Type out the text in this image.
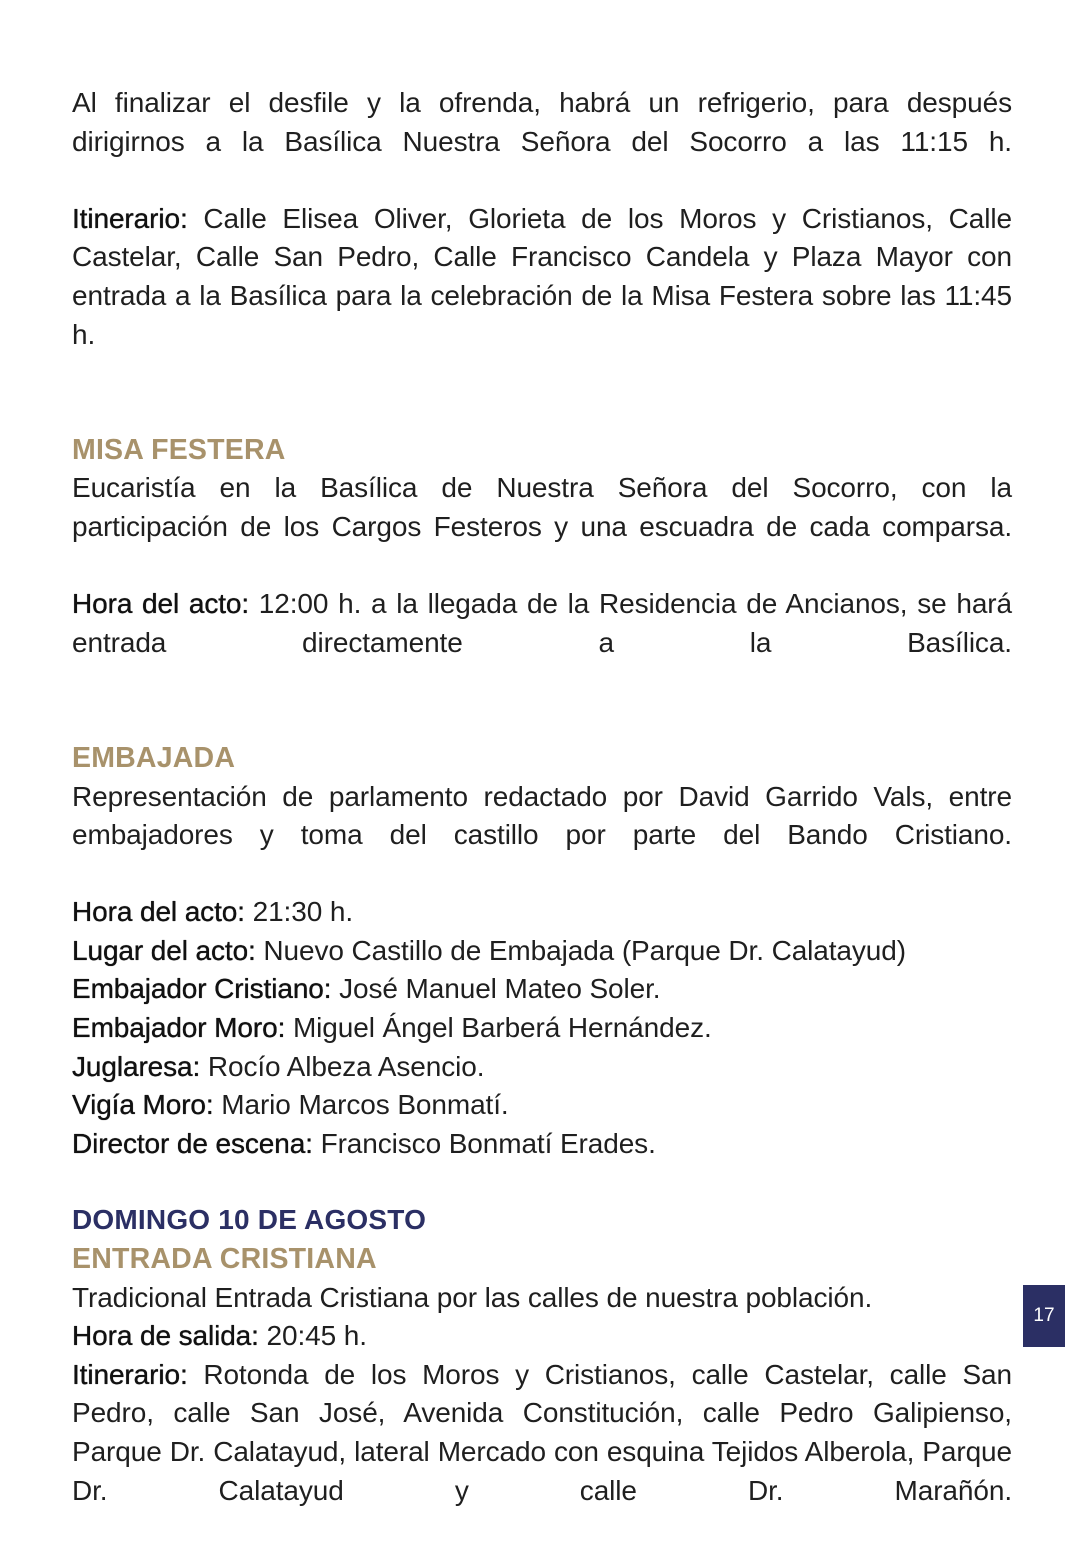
Al finalizar el desfile y la ofrenda, habrá un refrigerio, para después dirigirnos a la Basílica Nuestra Señora del Socorro a las 11:15 h.

Itinerario: Calle Elisea Oliver, Glorieta de los Moros y Cristianos, Calle Castelar, Calle San Pedro, Calle Francisco Candela y Plaza Mayor con entrada a la Basílica para la celebración de la Misa Festera sobre las 11:45 h.

MISA FESTERA

Eucaristía en la Basílica de Nuestra Señora del Socorro, con la participación de los Cargos Festeros y una escuadra de cada comparsa.

Hora del acto: 12:00 h. a la llegada de la Residencia de Ancianos, se hará entrada directamente a la Basílica.

EMBAJADA

Representación de parlamento redactado por David Garrido Vals, entre embajadores y toma del castillo por parte del Bando Cristiano.

Hora del acto: 21:30 h.

Lugar del acto: Nuevo Castillo de Embajada (Parque Dr. Calatayud)

Embajador Cristiano: José Manuel Mateo Soler.

Embajador Moro: Miguel Ángel Barberá Hernández.

Juglaresa: Rocío Albeza Asencio.

Vigía Moro: Mario Marcos Bonmatí.

Director de escena: Francisco Bonmatí Erades.

DOMINGO 10 DE AGOSTO
ENTRADA CRISTIANA

Tradicional Entrada Cristiana por las calles de nuestra población.

Hora de salida: 20:45 h.

Itinerario: Rotonda de los Moros y Cristianos, calle Castelar, calle San Pedro, calle San José, Avenida Constitución, calle Pedro Galipienso, Parque Dr. Calatayud, lateral Mercado con esquina Tejidos Alberola, Parque Dr. Calatayud y calle Dr. Marañón.

17
